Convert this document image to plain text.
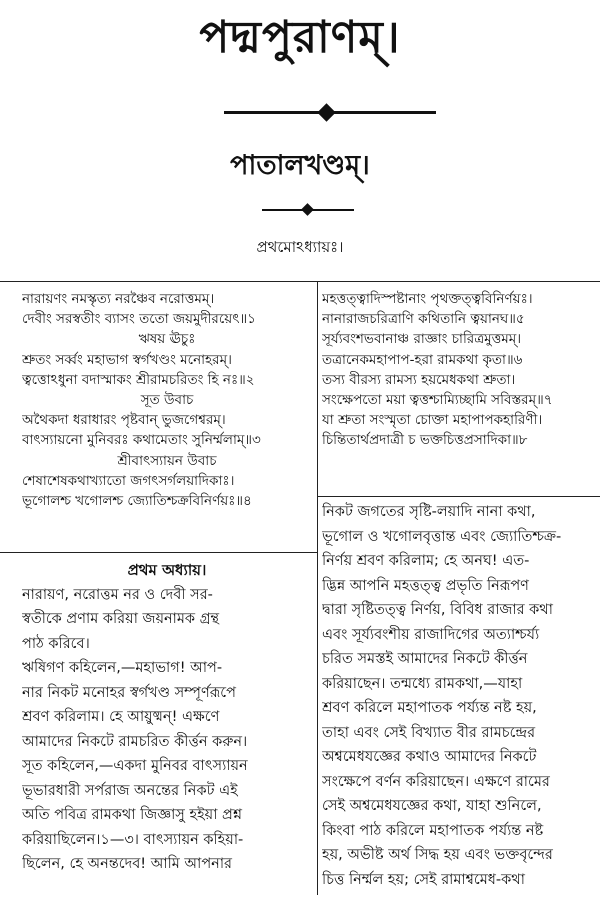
পদ্মপুরাণম্।
পাতালখণ্ডম্।
প্রথমোঽধ্যায়ঃ।
নারায়ণং নমস্কৃত্য নরঞ্চৈব নরোত্তমম্।
দেবীং সরস্বতীং ব্যাসং ততো জয়মুদীরয়েৎ॥১
ঋষয় ঊচুঃ
শ্রুতং সর্ব্বং মহাভাগ স্বর্গখণ্ডং মনোহরম্।
ত্বত্তোঽধুনা বদাস্মাকং শ্রীরামচরিতং হি নঃ॥২
সূত উবাচ
অথৈকদা ধরাধারং পৃষ্টবান্ ভুজগেশ্বরম্।
বাৎস্যায়নো মুনিবরঃ কথামেতাং সুনির্ম্মলাম্॥৩
শ্রীবাৎস্যায়ন উবাচ
শেষাশেষকথাখ্যাতো জগৎসর্গলয়াদিকাঃ।
ভূগোলশ্চ খগোলশ্চ জ্যোতিশ্চক্রবিনির্ণয়ঃ॥৪
মহত্তত্ত্বাদিস্পষ্টানাং পৃথক্তত্ত্ববিনির্ণয়ঃ।
নানারাজচরিত্রাণি কথিতানি ত্বয়ানঘ॥৫
সূর্য্যবংশভবানাঞ্চ রাজ্ঞাং চারিত্রমুত্তমম্।
তত্রানেকমহাপাপ-হরা রামকথা কৃতা॥৬
তস্য বীরস্য রামস্য হয়মেধকথা শ্রুতা।
সংক্ষেপতো ময়া ত্বত্তশ্চাম্যিচ্ছামি সবিস্তরম্॥৭
যা শ্রুতা সংস্মৃতা চোক্তা মহাপাপকহারিণী।
চিন্তিতার্থপ্রদাত্রী চ ভক্তচিত্তপ্রসাদিকা॥৮
প্রথম অধ্যায়।
নারায়ণ, নরোত্তম নর ও দেবী সর-
স্বতীকে প্রণাম করিয়া জয়নামক গ্রন্থ
পাঠ করিবে।
ঋষিগণ কহিলেন,—মহাভাগ! আপ-
নার নিকট মনোহর স্বর্গখণ্ড সম্পূর্ণরূপে
শ্রবণ করিলাম। হে আয়ুষ্মন্! এক্ষণে
আমাদের নিকটে রামচরিত কীর্ত্তন করুন।
সূত কহিলেন,—একদা মুনিবর বাৎস্যায়ন
ভূভারধারী সর্পরাজ অনন্তের নিকট এই
অতি পবিত্র রামকথা জিজ্ঞাসু হইয়া প্রশ্ন
করিয়াছিলেন।১—৩। বাৎস্যায়ন কহিয়া-
ছিলেন, হে অনন্তদেব! আমি আপনার
নিকট জগতের সৃষ্টি-লয়াদি নানা কথা,
ভূগোল ও খগোলবৃত্তান্ত এবং জ্যোতিশ্চক্র-
নির্ণয় শ্রবণ করিলাম; হে অনঘ! এত-
দ্ভিন্ন আপনি মহত্তত্ত্ব প্রভৃতি নিরূপণ
দ্বারা সৃষ্টিতত্ত্ব নির্ণয়, বিবিধ রাজার কথা
এবং সূর্য্যবংশীয় রাজাদিগের অত্যাশ্চর্য্য
চরিত সমস্তই আমাদের নিকটে কীর্ত্তন
করিয়াছেন। তন্মধ্যে রামকথা,—যাহা
শ্রবণ করিলে মহাপাতক পর্য্যন্ত নষ্ট হয়,
তাহা এবং সেই বিখ্যাত বীর রামচন্দ্রের
অশ্বমেধযজ্ঞের কথাও আমাদের নিকটে
সংক্ষেপে বর্ণন করিয়াছেন। এক্ষণে রামের
সেই অশ্বমেধযজ্ঞের কথা, যাহা শুনিলে,
কিংবা পাঠ করিলে মহাপাতক পর্য্যন্ত নষ্ট
হয়, অভীষ্ট অর্থ সিদ্ধ হয় এবং ভক্তবৃন্দের
চিত্ত নির্ম্মল হয়; সেই রামাশ্বমেধ-কথা
